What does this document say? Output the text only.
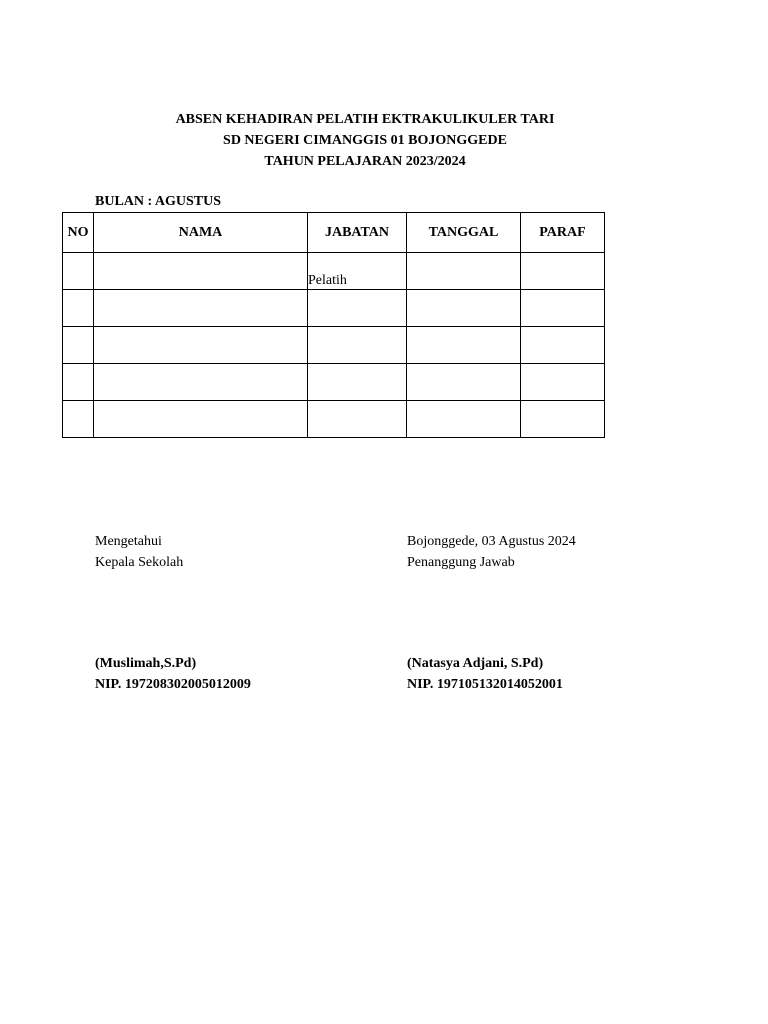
ABSEN KEHADIRAN PELATIH EKTRAKULIKULER TARI
SD NEGERI CIMANGGIS 01 BOJONGGEDE
TAHUN PELAJARAN 2023/2024
BULAN : AGUSTUS
NO	NAMA	JABATAN	TANGGAL	PARAF
		Pelatih		

Mengetahui
Kepala Sekolah
(Muslimah,S.Pd)
NIP. 197208302005012009
Bojonggede, 03 Agustus 2024
Penanggung Jawab
(Natasya Adjani, S.Pd)
NIP. 197105132014052001
